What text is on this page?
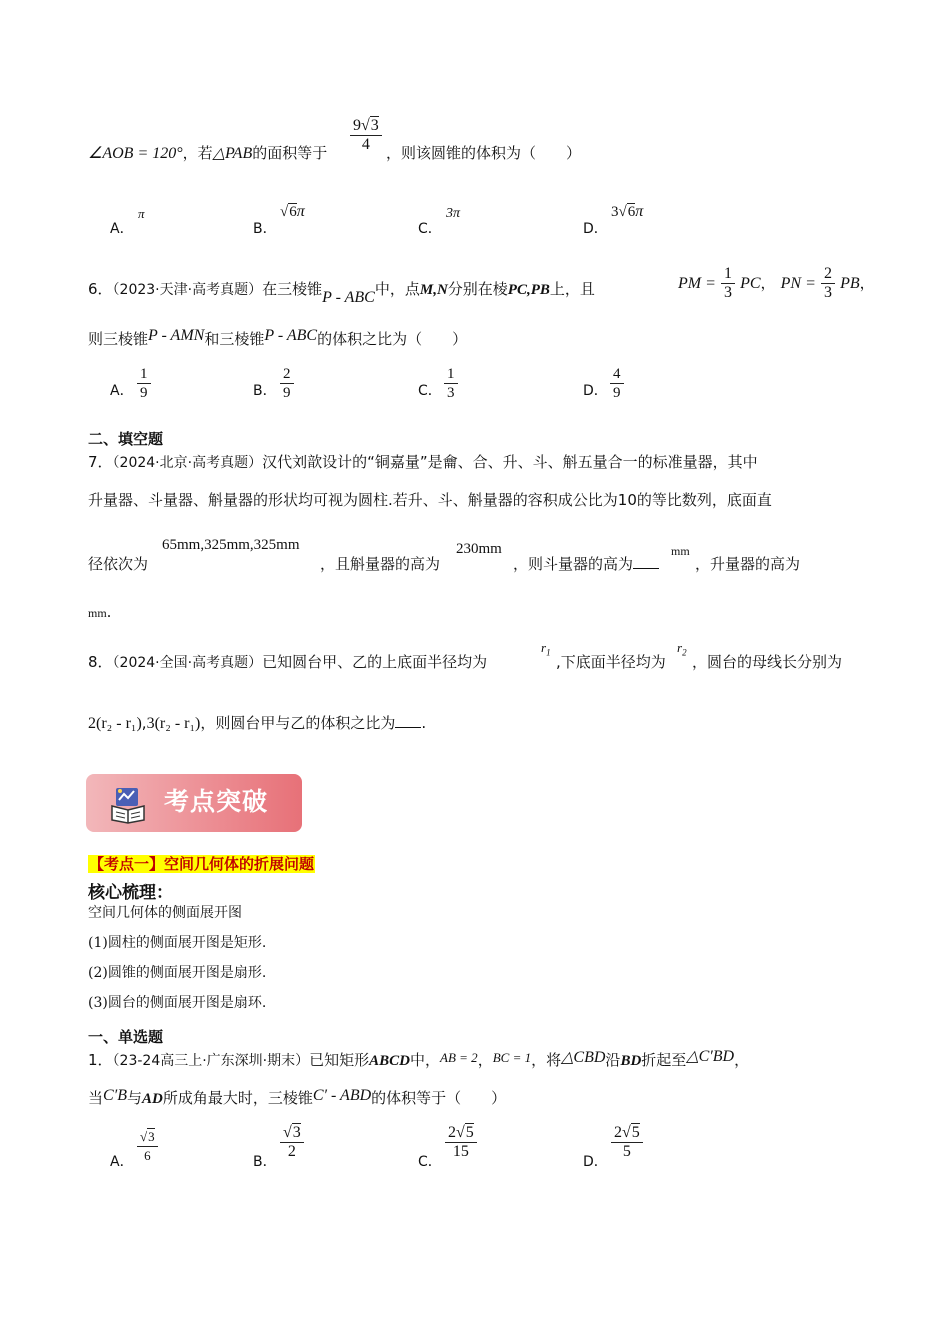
∠AOB = 120°，若△PAB的面积等于 $\frac{9√3}{4}$ ，则该圆锥的体积为（　　）
A．
π
B．
√6π
C．
3π
D．
3√6π
6．（2023·天津·高考真题）在三棱锥P - ABC中，点M,N分别在棱PC,PB上，且	PM = $\frac{1}{3}$ PC， PN = $\frac{2}{3}$ PB，
则三棱锥P - AMN和三棱锥P - ABC的体积之比为（　　）
A． $\frac{1}{9}$	B． $\frac{2}{9}$	C． $\frac{1}{3}$	D． $\frac{4}{9}$
二、填空题
7．（2024·北京·高考真题）汉代刘歆设计的“铜嘉量”是龠、合、升、斗、斛五量合一的标准量器，其中
升量器、斗量器、斛量器的形状均可视为圆柱.若升、斗、斛量器的容积成公比为10的等比数列，底面直
径依次为
65mm,325mm,325mm
，且斛量器的高为
230mm
，则斗量器的高为
mm
，升量器的高为
mm.
8．（2024·全国·高考真题）已知圆台甲、乙的上底面半径均为
$r_1$
,下底面半径均为
$r_2$
，圆台的母线长分别为
2(r₂ - r₁),3(r₂ - r₁)，则圆台甲与乙的体积之比为 .
考点突破
【考点一】空间几何体的折展问题
核心梳理：
空间几何体的侧面展开图
(1)圆柱的侧面展开图是矩形.
(2)圆锥的侧面展开图是扇形.
(3)圆台的侧面展开图是扇环.
一、单选题
1．（23-24高三上·广东深圳·期末）已知矩形ABCD中，AB = 2，BC = 1，将△CBD沿BD折起至△C′BD，
当C′B与AD所成角最大时，三棱锥C′ - ABD的体积等于（　　）
A． $\frac{√3}{6}$	B．
$\frac{√3}{2}$
C．
$\frac{2√5}{15}$
D．
$\frac{2√5}{5}$
